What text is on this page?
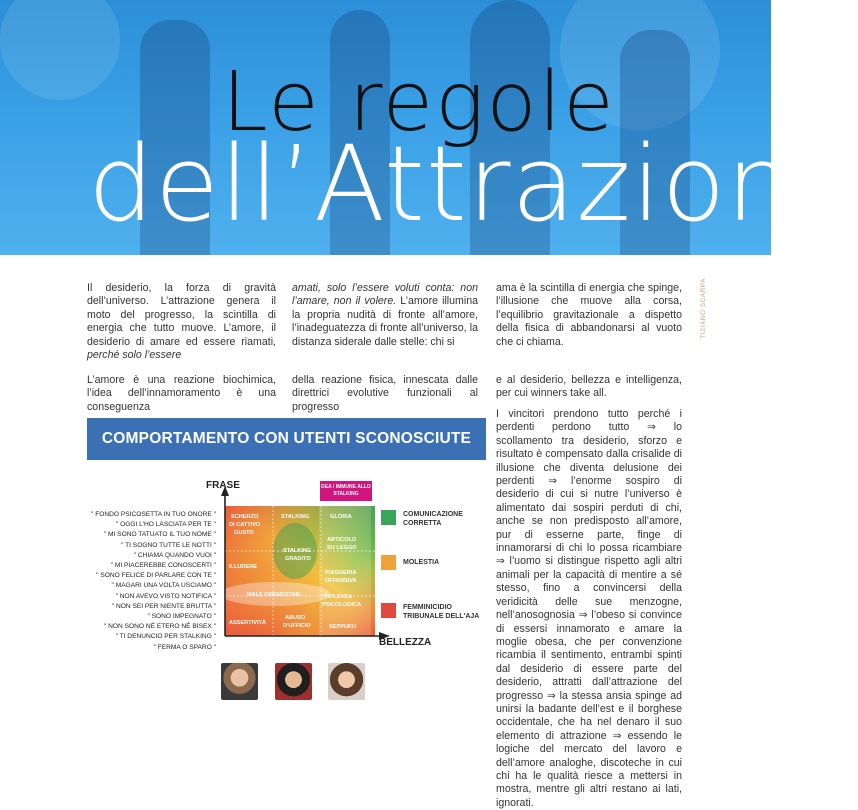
Le regole
dell’Attrazione
TIZIANO SCARPA
Il desiderio, la forza di gravità dell’universo. L’attrazione genera il moto del progresso, la scintilla di energia che tutto muove. L’amore, il desiderio di amare ed essere riamati, perché solo l’essere
amati, solo l’essere voluti conta: non l’amare, non il volere. L’amore illumina la propria nudità di fronte all’amore, l’inadeguatezza di fronte all’universo, la distanza siderale dalle stelle: chi si
ama è la scintilla di energia che spinge, l’illusione che muove alla corsa, l’equilibrio gravitazionale a dispetto della fisica di abbandonarsi al vuoto che ci chiama.
L’amore è una reazione biochimica, l’idea dell’innamoramento è una conseguenza
della reazione fisica, innescata dalle direttrici evolutive funzionali al progresso
e al desiderio, bellezza e intelligenza, per cui winners take all.
I vincitori prendono tutto perché i perdenti perdono tutto ⇒ lo scollamento tra desiderio, sforzo e risultato è compensato dalla crisalide di illusione che diventa delusione dei perdenti ⇒ l’enorme sospiro di desiderio di cui si nutre l’universo è alimentato dai sospiri perduti di chi, anche se non predisposto all’amore, pur di esserne parte, finge di innamorarsi di chi lo possa ricambiare ⇒ l’uomo si distingue rispetto agli altri animali per la capacità di mentire a sé stesso, fino a convincersi della veridicità delle sue menzogne, nell’anosognosia ⇒ l’obeso si convince di essersi innamorato e amare la moglie obesa, che per convenzione ricambia il sentimento, entrambi spinti dal desiderio di essere parte del desiderio, attratti dall’attrazione del progresso ⇒ la stessa ansia spinge ad unirsi la badante dell’est e il borghese occidentale, che ha nel denaro il suo elemento di attrazione ⇒ essendo le logiche del mercato del lavoro e dell’amore analoghe, discoteche in cui chi ha le qualità riesce a mettersi in mostra, mentre gli altri restano ai lati, ignorati.
COMPORTAMENTO CON UTENTI SCONOSCIUTE
" FONDO PSICOSETTA IN TUO ONORE "
" OGGI L'HO LASCIATA PER TE "
" MI SONO TATUATO IL TUO NOME "
" TI SOGNO TUTTE LE NOTTI "
" CHIAMA QUANDO VUOI "
" MI PIACEREBBE CONOSCERTI "
" SONO FELICE DI PARLARE CON TE "
" MAGARI UNA VOLTA USCIAMO "
" NON AVEVO VISTO NOTIFICA "
" NON SEI PER NIENTE BRUTTA "
" SONO IMPEGNATO "
" NON SONO NÉ ETERO NÉ BISEX "
" TI DENUNCIO PER STALKING "
" FERMA O SPARO "
SCHERZO
DI CATTIVO
GUSTO
STALKING	GLORIA
ILLUDERE
STALKING
GRADITO
ARTICOLO
SU LEGGO
PIAGGERIA
OFFENSIVA
MALE FRIENDZONE	VIOLENZA
PSICOLOGICA
ASSERTIVITÀ
ABUSO
D'UFFICIO	SEPPUKU
FRASE
BELLEZZA
DEA / IMMUNE ALLO STALKING
COMUNICAZIONE
CORRETTA
MOLESTIA
FEMMINICIDIO
TRIBUNALE DELL'AJA
